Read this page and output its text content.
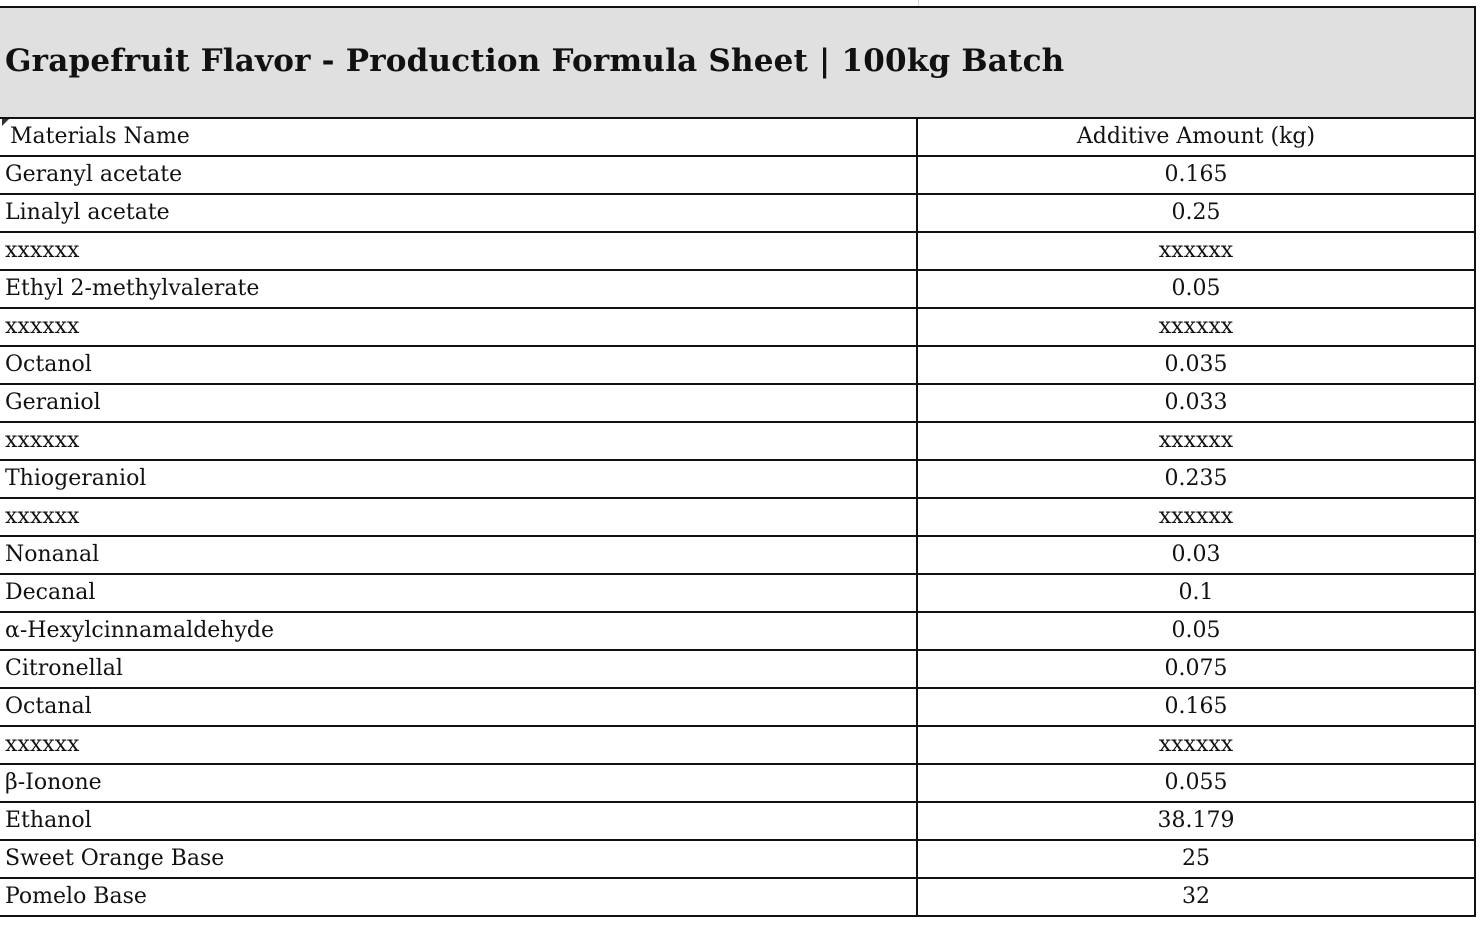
Grapefruit Flavor - Production Formula Sheet | 100kg Batch
Materials Name	Additive Amount (kg)
Geranyl acetate	0.165
Linalyl acetate	0.25
xxxxxx	xxxxxx
Ethyl 2-methylvalerate	0.05
xxxxxx	xxxxxx
Octanol	0.035
Geraniol	0.033
xxxxxx	xxxxxx
Thiogeraniol	0.235
xxxxxx	xxxxxx
Nonanal	0.03
Decanal	0.1
α-Hexylcinnamaldehyde	0.05
Citronellal	0.075
Octanal	0.165
xxxxxx	xxxxxx
β-Ionone	0.055
Ethanol	38.179
Sweet Orange Base	25
Pomelo Base	32
